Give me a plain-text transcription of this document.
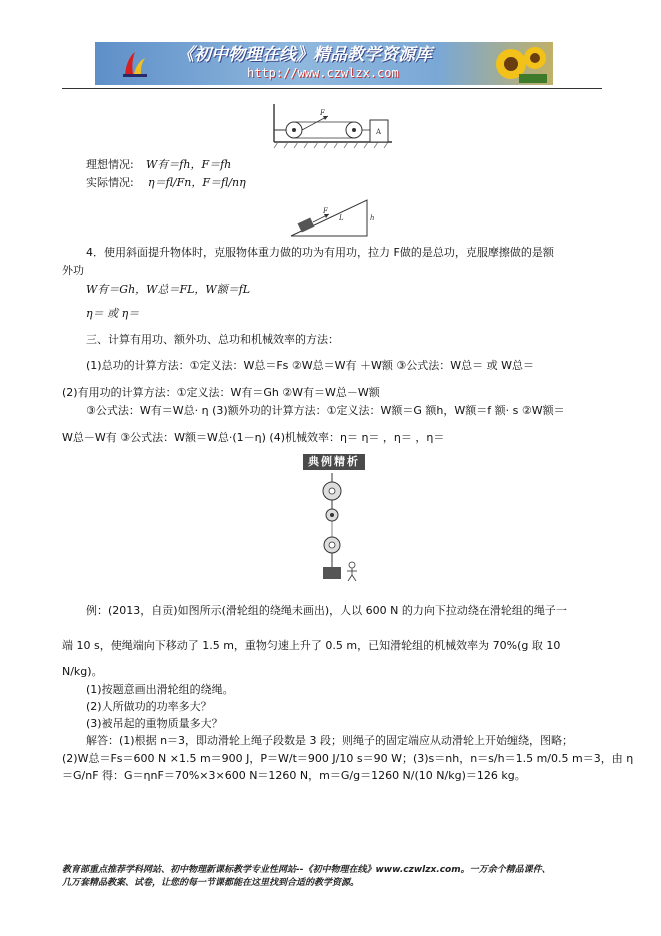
《初中物理在线》精品教学资源库
http://www.czwlzx.com
F
A
理想情况: W有＝fh，F＝fh
实际情况: η＝fl/Fn，F＝fl/nη
F
L	h
4．使用斜面提升物体时，克服物体重力做的功为有用功，拉力 F做的是总功，克服摩擦做的是额
外功
W有＝Gh，W总＝FL，W额＝fL
η＝ 或 η＝
三、计算有用功、额外功、总功和机械效率的方法：
(1)总功的计算方法：①定义法：W总＝Fs ②W总＝W有 ＋W额 ③公式法：W总＝ 或 W总＝
(2)有用功的计算方法：①定义法：W有＝Gh ②W有＝W总－W额
③公式法：W有＝W总· η (3)额外功的计算方法：①定义法：W额＝G 额h，W额＝f 额· s ②W额＝
W总－W有 ③公式法：W额＝W总·(1－η) (4)机械效率：η＝ η＝ ，η＝ ，η＝
典例精析
例：(2013，自贡)如图所示(滑轮组的绕绳未画出)，人以 600 N 的力向下拉动绕在滑轮组的绳子一
端 10 s，使绳端向下移动了 1.5 m，重物匀速上升了 0.5 m，已知滑轮组的机械效率为 70%(g 取 10
N/kg)。
(1)按题意画出滑轮组的绕绳。
(2)人所做功的功率多大？
(3)被吊起的重物质量多大？
解答：(1)根据 n＝3，即动滑轮上绳子段数是 3 段；则绳子的固定端应从动滑轮上开始缠绕，图略；
(2)W总＝Fs＝600 N ×1.5 m＝900 J，P＝W/t＝900 J/10 s＝90 W；(3)s＝nh，n＝s/h＝1.5 m/0.5 m＝3，由 η
＝G/nF 得：G＝ηnF＝70%×3×600 N＝1260 N，m＝G/g＝1260 N/(10 N/kg)＝126 kg。
教育部重点推荐学科网站、初中物理新课标教学专业性网站--《初中物理在线》www.czwlzx.com。一万余个精品课件、
几万套精品教案、试卷，让您的每一节课都能在这里找到合适的教学资源。
